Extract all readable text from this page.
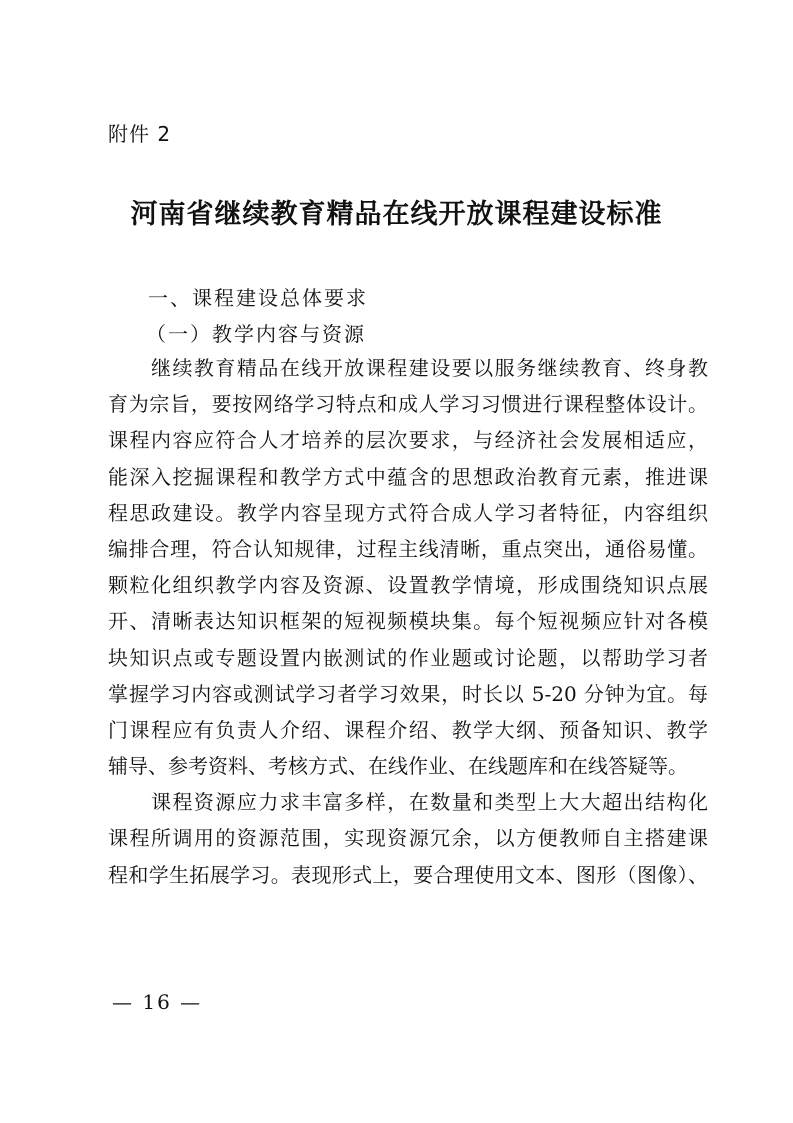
附件 2
河南省继续教育精品在线开放课程建设标准
一、课程建设总体要求
（一）教学内容与资源
　　继续教育精品在线开放课程建设要以服务继续教育、终身教
育为宗旨，要按网络学习特点和成人学习习惯进行课程整体设计。
课程内容应符合人才培养的层次要求，与经济社会发展相适应，
能深入挖掘课程和教学方式中蕴含的思想政治教育元素，推进课
程思政建设。教学内容呈现方式符合成人学习者特征，内容组织
编排合理，符合认知规律，过程主线清晰，重点突出，通俗易懂。
颗粒化组织教学内容及资源、设置教学情境，形成围绕知识点展
开、清晰表达知识框架的短视频模块集。每个短视频应针对各模
块知识点或专题设置内嵌测试的作业题或讨论题，以帮助学习者
掌握学习内容或测试学习者学习效果，时长以 5-20 分钟为宜。每
门课程应有负责人介绍、课程介绍、教学大纲、预备知识、教学
辅导、参考资料、考核方式、在线作业、在线题库和在线答疑等。
　　课程资源应力求丰富多样，在数量和类型上大大超出结构化
课程所调用的资源范围，实现资源冗余，以方便教师自主搭建课
程和学生拓展学习。表现形式上，要合理使用文本、图形（图像）、
— 16 —
